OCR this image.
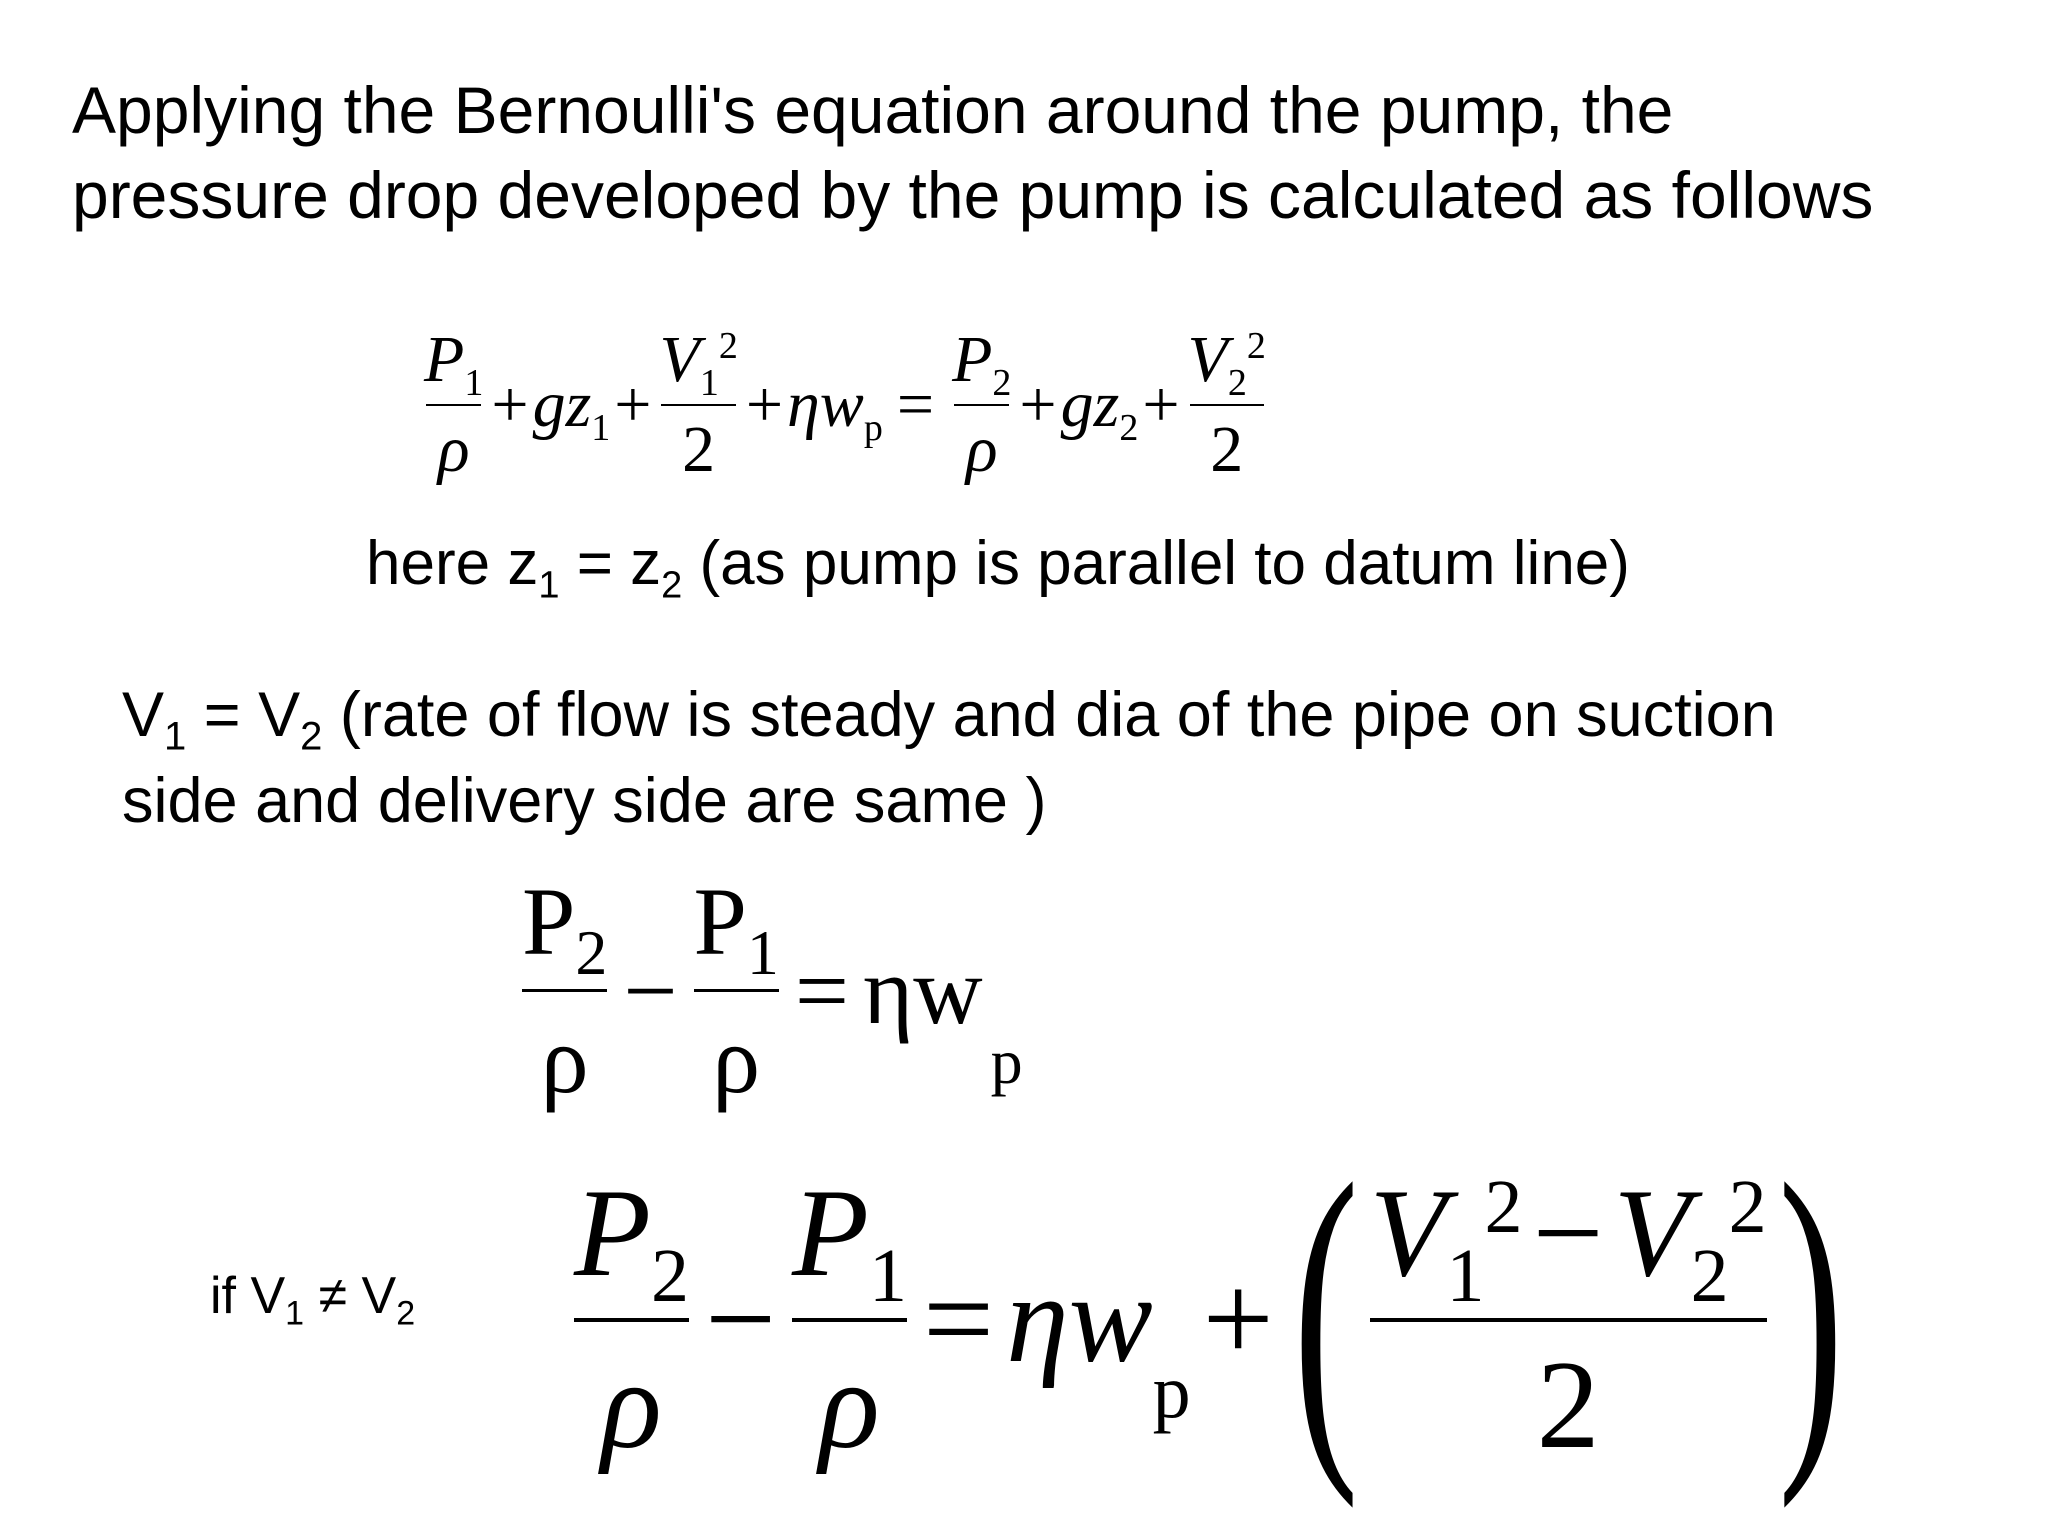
Applying the Bernoulli's equation around the pump, the
pressure drop developed by the pump is calculated as follows
$\frac{P_1}{\rho} + gz_1 + \frac{V_1^2}{2} + \eta w_p = \frac{P_2}{\rho} + gz_2 + \frac{V_2^2}{2}$
here $z_1 = z_2$ (as pump is parallel to datum line)
$V_1 = V_2$ (rate of flow is steady and dia of the pipe on suction
side and delivery side are same )
$\frac{P_2}{\rho} - \frac{P_1}{\rho} = \eta w_p$
if $V_1 \ne V_2 \frac{P_2}{\rho} - \frac{P_1}{\rho} = \eta w_p$
+ ( $\frac{V_1^2-V_2^2}{2}$ )
